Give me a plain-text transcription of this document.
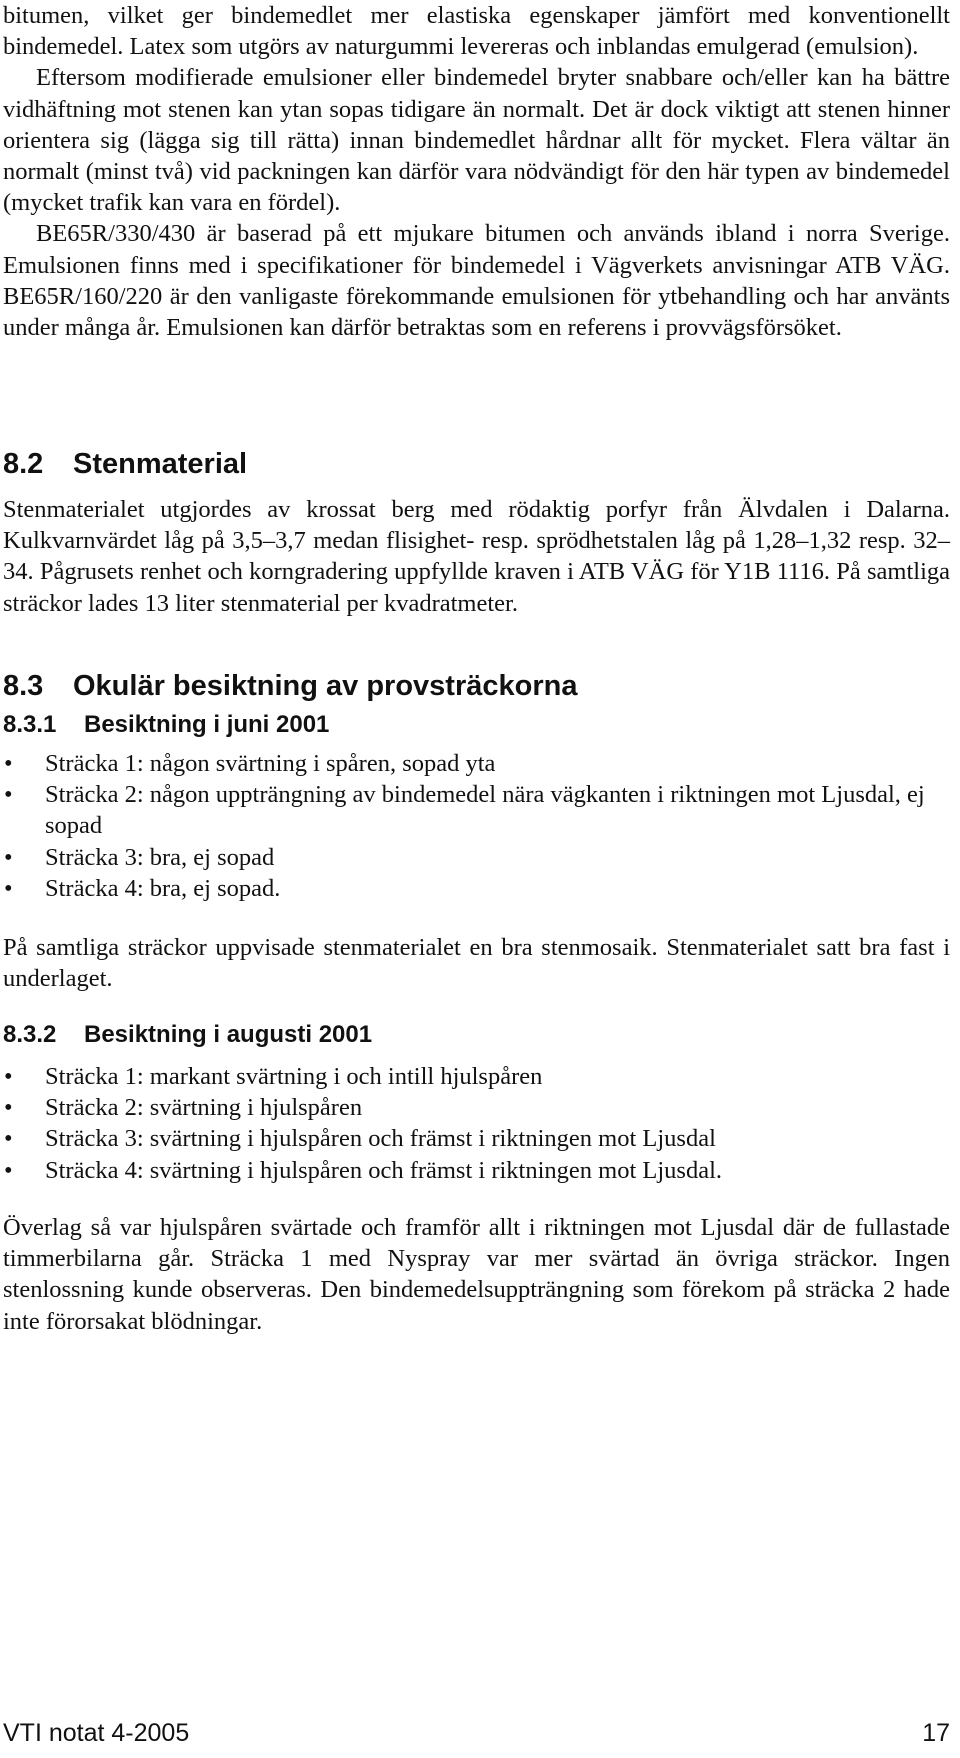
bitumen, vilket ger bindemedlet mer elastiska egenskaper jämfört med konventionellt bindemedel. Latex som utgörs av naturgummi levereras och inblandas emulgerad (emulsion).

Eftersom modifierade emulsioner eller bindemedel bryter snabbare och/eller kan ha bättre vidhäftning mot stenen kan ytan sopas tidigare än normalt. Det är dock viktigt att stenen hinner orientera sig (lägga sig till rätta) innan bindemedlet hårdnar allt för mycket. Flera vältar än normalt (minst två) vid packningen kan därför vara nödvändigt för den här typen av bindemedel (mycket trafik kan vara en fördel).

BE65R/330/430 är baserad på ett mjukare bitumen och används ibland i norra Sverige. Emulsionen finns med i specifikationer för bindemedel i Vägverkets anvisningar ATB VÄG. BE65R/160/220 är den vanligaste förekommande emulsionen för ytbehandling och har använts under många år. Emulsionen kan därför betraktas som en referens i provvägsförsöket.

8.2 Stenmaterial

Stenmaterialet utgjordes av krossat berg med rödaktig porfyr från Älvdalen i Dalarna. Kulkvarnvärdet låg på 3,5–3,7 medan flisighet- resp. sprödhetstalen låg på 1,28–1,32 resp. 32–34. Pågrusets renhet och korngradering uppfyllde kraven i ATB VÄG för Y1B 1116. På samtliga sträckor lades 13 liter stenmaterial per kvadratmeter.

8.3 Okulär besiktning av provsträckorna
8.3.1 Besiktning i juni 2001
• Sträcka 1: någon svärtning i spåren, sopad yta
• Sträcka 2: någon uppträngning av bindemedel nära vägkanten i riktningen mot Ljusdal, ej sopad
• Sträcka 3: bra, ej sopad
• Sträcka 4: bra, ej sopad.

På samtliga sträckor uppvisade stenmaterialet en bra stenmosaik. Stenmaterialet satt bra fast i underlaget.

8.3.2 Besiktning i augusti 2001
• Sträcka 1: markant svärtning i och intill hjulspåren
• Sträcka 2: svärtning i hjulspåren
• Sträcka 3: svärtning i hjulspåren och främst i riktningen mot Ljusdal
• Sträcka 4: svärtning i hjulspåren och främst i riktningen mot Ljusdal.

Överlag så var hjulspåren svärtade och framför allt i riktningen mot Ljusdal där de fullastade timmerbilarna går. Sträcka 1 med Nyspray var mer svärtad än övriga sträckor. Ingen stenlossning kunde observeras. Den bindemedelsuppträngning som förekom på sträcka 2 hade inte förorsakat blödningar.

VTI notat 4-2005	17
